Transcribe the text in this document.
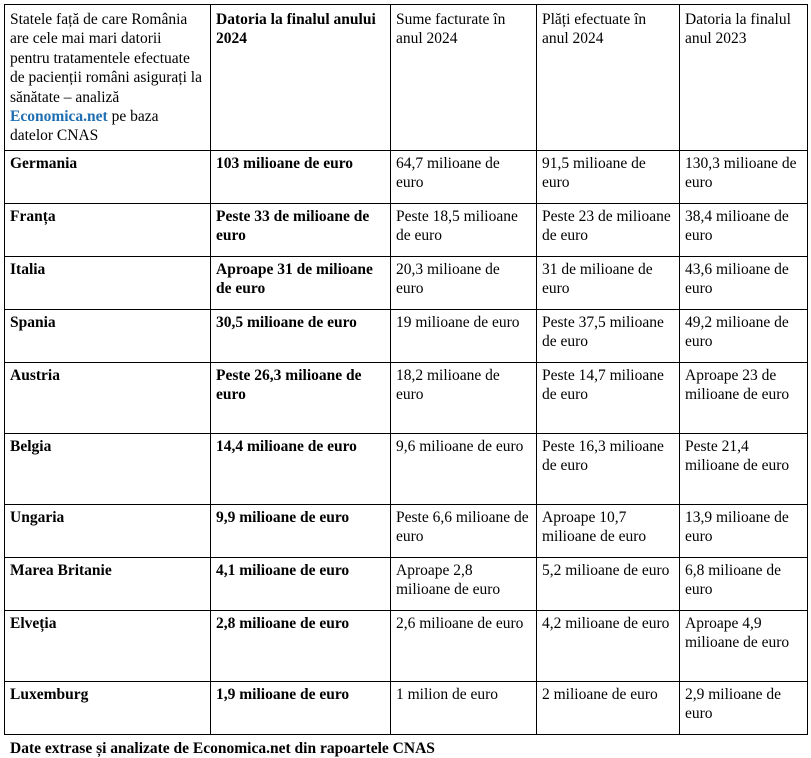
Statele față de care România are cele mai mari datorii pentru tratamentele efectuate de pacienții români asigurați la sănătate – analiză Economica.net pe baza datelor CNAS	Datoria la finalul anului 2024	Sume facturate în anul 2024	Plăți efectuate în anul 2024	Datoria la finalul anul 2023
Germania	103 milioane de euro	64,7 milioane de euro	91,5 milioane de euro	130,3 milioane de euro
Franța	Peste 33 de milioane de euro	Peste 18,5 milioane de euro	Peste 23 de milioane de euro	38,4 milioane de euro
Italia	Aproape 31 de milioane de euro	20,3 milioane de euro	31 de milioane de euro	43,6 milioane de euro
Spania	30,5 milioane de euro	19 milioane de euro	Peste 37,5 milioane de euro	49,2 milioane de euro
Austria	Peste 26,3 milioane de euro	18,2 milioane de euro	Peste 14,7 milioane de euro	Aproape 23 de milioane de euro
Belgia	14,4 milioane de euro	9,6 milioane de euro	Peste 16,3 milioane de euro	Peste 21,4 milioane de euro
Ungaria	9,9 milioane de euro	Peste 6,6 milioane de euro	Aproape 10,7 milioane de euro	13,9 milioane de euro
Marea Britanie	4,1 milioane de euro	Aproape 2,8 milioane de euro	5,2 milioane de euro	6,8 milioane de euro
Elveția	2,8 milioane de euro	2,6 milioane de euro	4,2 milioane de euro	Aproape 4,9 milioane de euro
Luxemburg	1,9 milioane de euro	1 milion de euro	2 milioane de euro	2,9 milioane de euro
Date extrase și analizate de Economica.net din rapoartele CNAS
